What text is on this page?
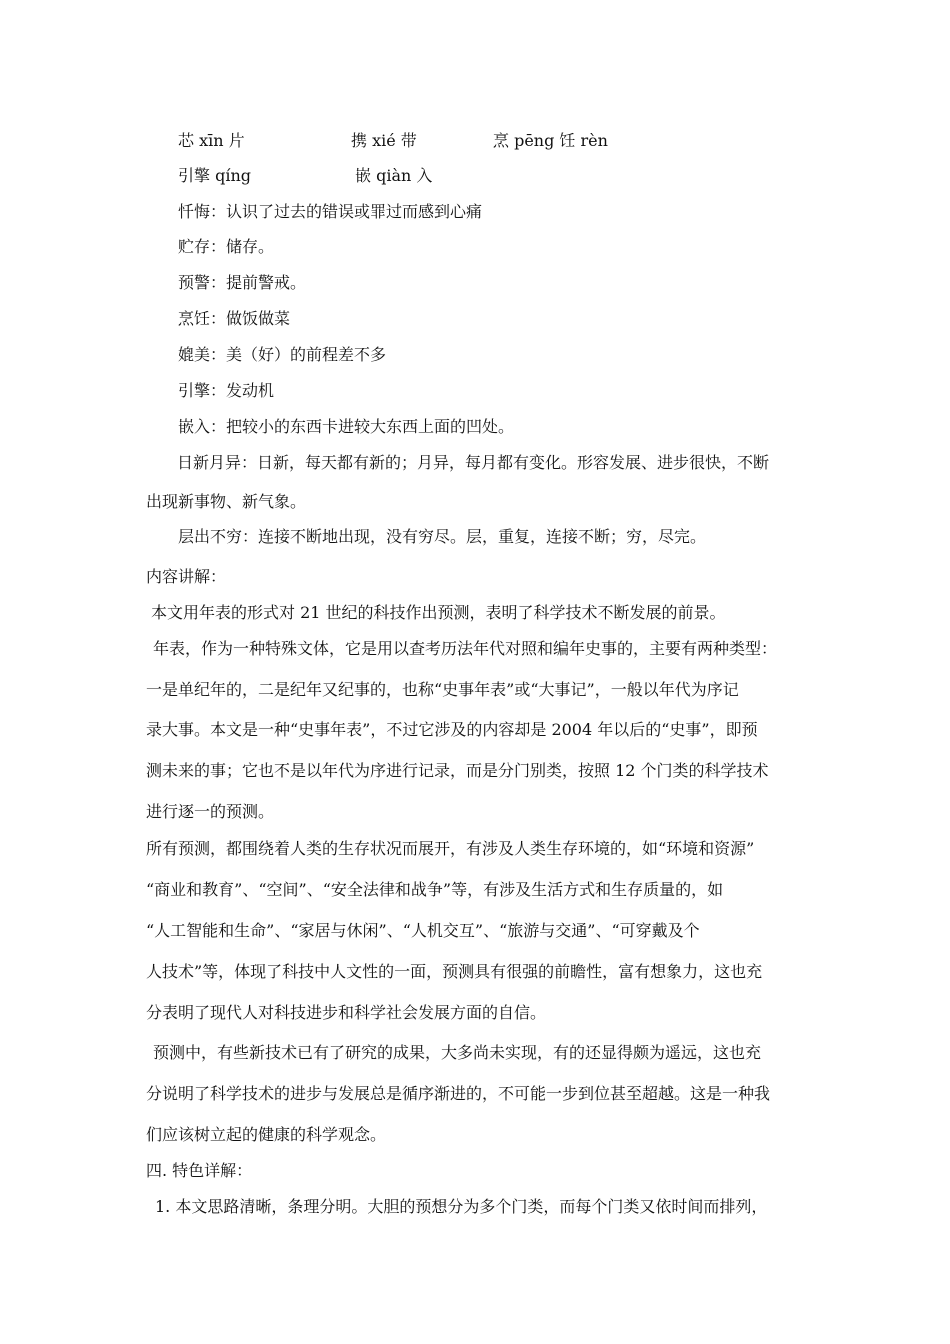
芯 xīn 片	携 xié 带	烹 pēng 饪 rèn
引擎 qíng	嵌 qiàn 入
忏悔：认识了过去的错误或罪过而感到心痛
贮存：储存。
预警：提前警戒。
烹饪：做饭做菜
媲美：美（好）的前程差不多
引擎：发动机
嵌入：把较小的东西卡进较大东西上面的凹处。
日新月异：日新，每天都有新的；月异，每月都有变化。形容发展、进步很快，不断
出现新事物、新气象。
层出不穷：连接不断地出现，没有穷尽。层，重复，连接不断；穷，尽完。
内容讲解：
本文用年表的形式对 21 世纪的科技作出预测，表明了科学技术不断发展的前景。
年表，作为一种特殊文体，它是用以查考历法年代对照和编年史事的，主要有两种类型：
一是单纪年的，二是纪年又纪事的，也称“史事年表”或“大事记”，一般以年代为序记
录大事。本文是一种“史事年表”，不过它涉及的内容却是 2004 年以后的“史事”，即预
测未来的事；它也不是以年代为序进行记录，而是分门别类，按照 12 个门类的科学技术
进行逐一的预测。
所有预测，都围绕着人类的生存状况而展开，有涉及人类生存环境的，如“环境和资源”
“商业和教育”、“空间”、“安全法律和战争”等，有涉及生活方式和生存质量的，如
“人工智能和生命”、“家居与休闲”、“人机交互”、“旅游与交通”、“可穿戴及个
人技术”等，体现了科技中人文性的一面，预测具有很强的前瞻性，富有想象力，这也充
分表明了现代人对科技进步和科学社会发展方面的自信。
预测中，有些新技术已有了研究的成果，大多尚未实现，有的还显得颇为遥远，这也充
分说明了科学技术的进步与发展总是循序渐进的，不可能一步到位甚至超越。这是一种我
们应该树立起的健康的科学观念。
四. 特色详解：
1. 本文思路清晰，条理分明。大胆的预想分为多个门类，而每个门类又依时间而排列，
